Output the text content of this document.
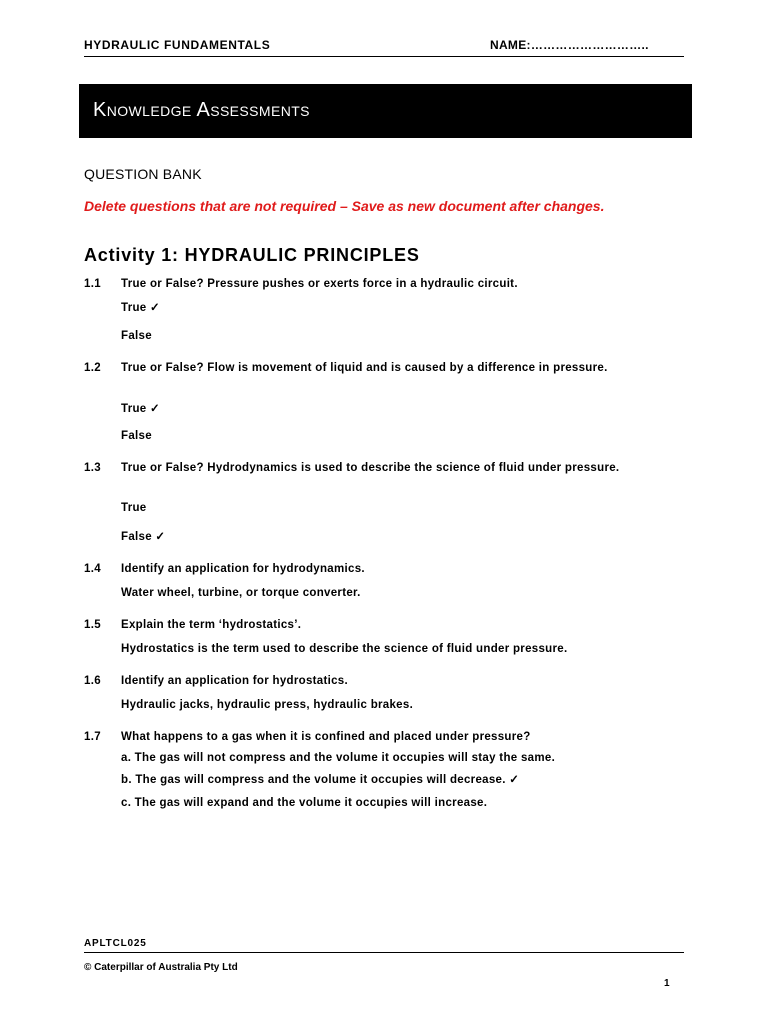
HYDRAULIC FUNDAMENTALS	NAME:………………………..
Knowledge Assessments
QUESTION BANK
Delete questions that are not required – Save as new document after changes.
Activity 1: HYDRAULIC PRINCIPLES
1.1 True or False? Pressure pushes or exerts force in a hydraulic circuit.
True ✓
False
1.2 True or False? Flow is movement of liquid and is caused by a difference in pressure.
True ✓
False
1.3 True or False? Hydrodynamics is used to describe the science of fluid under pressure.
True
False ✓
1.4 Identify an application for hydrodynamics.
Water wheel, turbine, or torque converter.
1.5 Explain the term ‘hydrostatics’.
Hydrostatics is the term used to describe the science of fluid under pressure.
1.6 Identify an application for hydrostatics.
Hydraulic jacks, hydraulic press, hydraulic brakes.
1.7 What happens to a gas when it is confined and placed under pressure?
a. The gas will not compress and the volume it occupies will stay the same.
b. The gas will compress and the volume it occupies will decrease. ✓
c. The gas will expand and the volume it occupies will increase.
APLTCL025
© Caterpillar of Australia Pty Ltd
1
